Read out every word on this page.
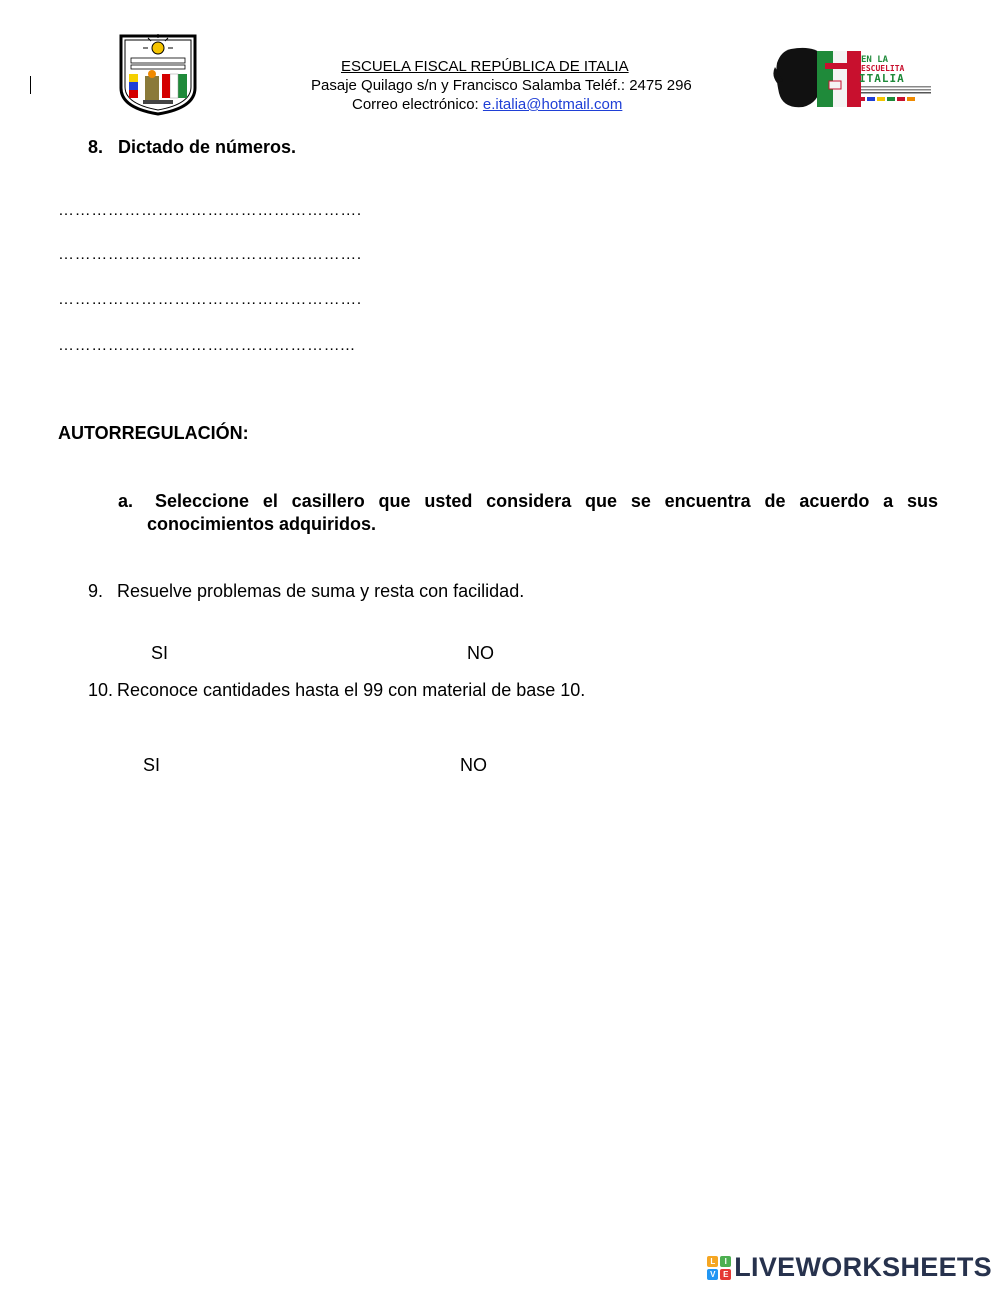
ESCUELA FISCAL REPÚBLICA DE ITALIA
Pasaje Quilago s/n y Francisco Salamba Teléf.: 2475 296
Correo electrónico: e.italia@hotmail.com
EN LA
ESCUELITA
ITALIA
8. Dictado de números.
……………………………………………….
……………………………………………….
……………………………………………….
……………………………………………...
AUTORREGULACIÓN:
a. Seleccione el casillero que usted considera que se encuentra de acuerdo a sus
conocimientos adquiridos.
9. Resuelve problemas de suma y resta con facilidad.
SI	NO
10. Reconoce cantidades hasta el 99 con material de base 10.
SI	NO
L	I
V E LIVEWORKSHEETS
